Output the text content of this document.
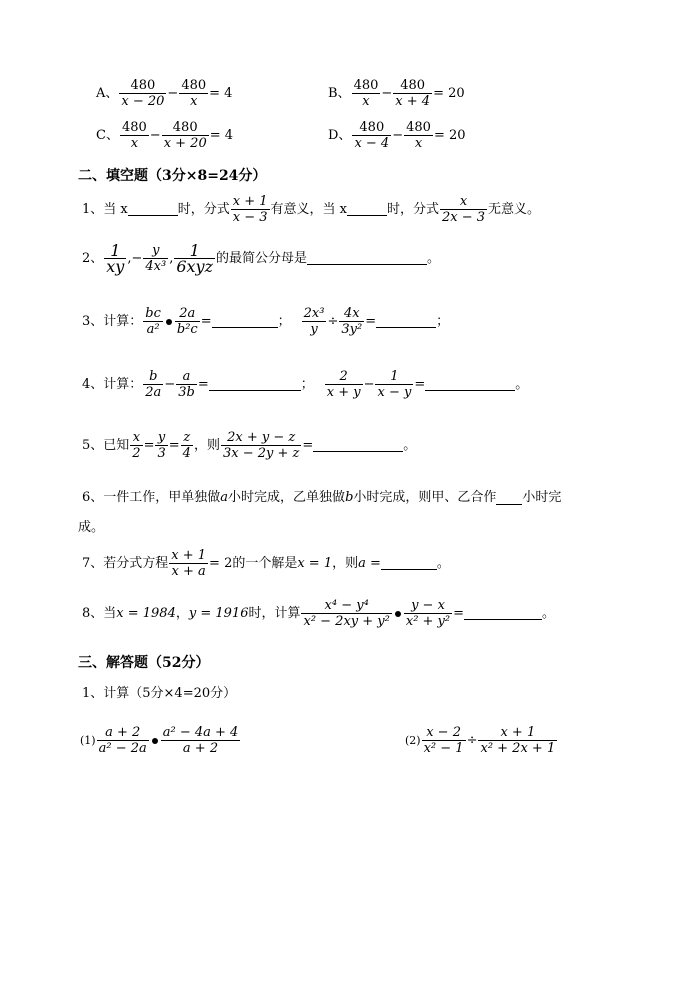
A、 $\frac{480}{x - 20} - \frac{480}{x} = 4$	B、 $\frac{480}{x} - \frac{480}{x + 4} = 20$
C、 $\frac{480}{x} - \frac{480}{x + 20} = 4$	D、 $\frac{480}{x - 4} - \frac{480}{x} = 20$
二、填空题（3分×8=24分）
1、当 x	时，分式 $\frac{x + 1}{x - 3}$ 有意义，当 x	时，分式 $\frac{x}{2x - 3}$ 无意义。
2、 $\frac{1}{xy}$ ,− $\frac{y}{\text{4x³}}$ , $\frac{1}{\text{6xyz}}$ 的最简公分母是	。
3、计算： $\frac{bc}{\text{a²}} \frac{2a}{\text{b²c}}$ =	； $\frac{\text{2x³}}{y} \div \frac{4x}{\text{3y²}}$ =	；
4、计算： $\frac{b}{2a} - \frac{a}{3b}$ =	； $\frac{2}{x + y} - \frac{1}{x - y}$ =	。
5、已知 $\frac{x}{2} = \frac{y}{3} = \frac{z}{4}$ ，则 $\frac{2x + y - z}{3x - 2y + z}$ =	。
6、一件工作，甲单独做 a 小时完成，乙单独做 b 小时完成，则甲、乙合作 小时完
成。
7、若分式方程 $\frac{x + 1}{x + a} = 2$的一个解是 x = 1 ，则 a =	。
8、当 x = 1984 ， y = 1916 时，计算 $\frac{\text{x⁴ − y⁴}}{\text{x² − 2xy + y²}} \frac{y - x}{\text{x² + y²}}$ =	。
三、解答题（52分）
1、计算（5分×4=20分）
$(1) \frac{a + 2}{\text{a² − 2a}} \frac{\text{a² − 4a + 4}}{a + 2}$	$(2) \frac{x - 2}{\text{x² − 1}} \div \frac{x + 1}{\text{x² + 2x + 1}}$
